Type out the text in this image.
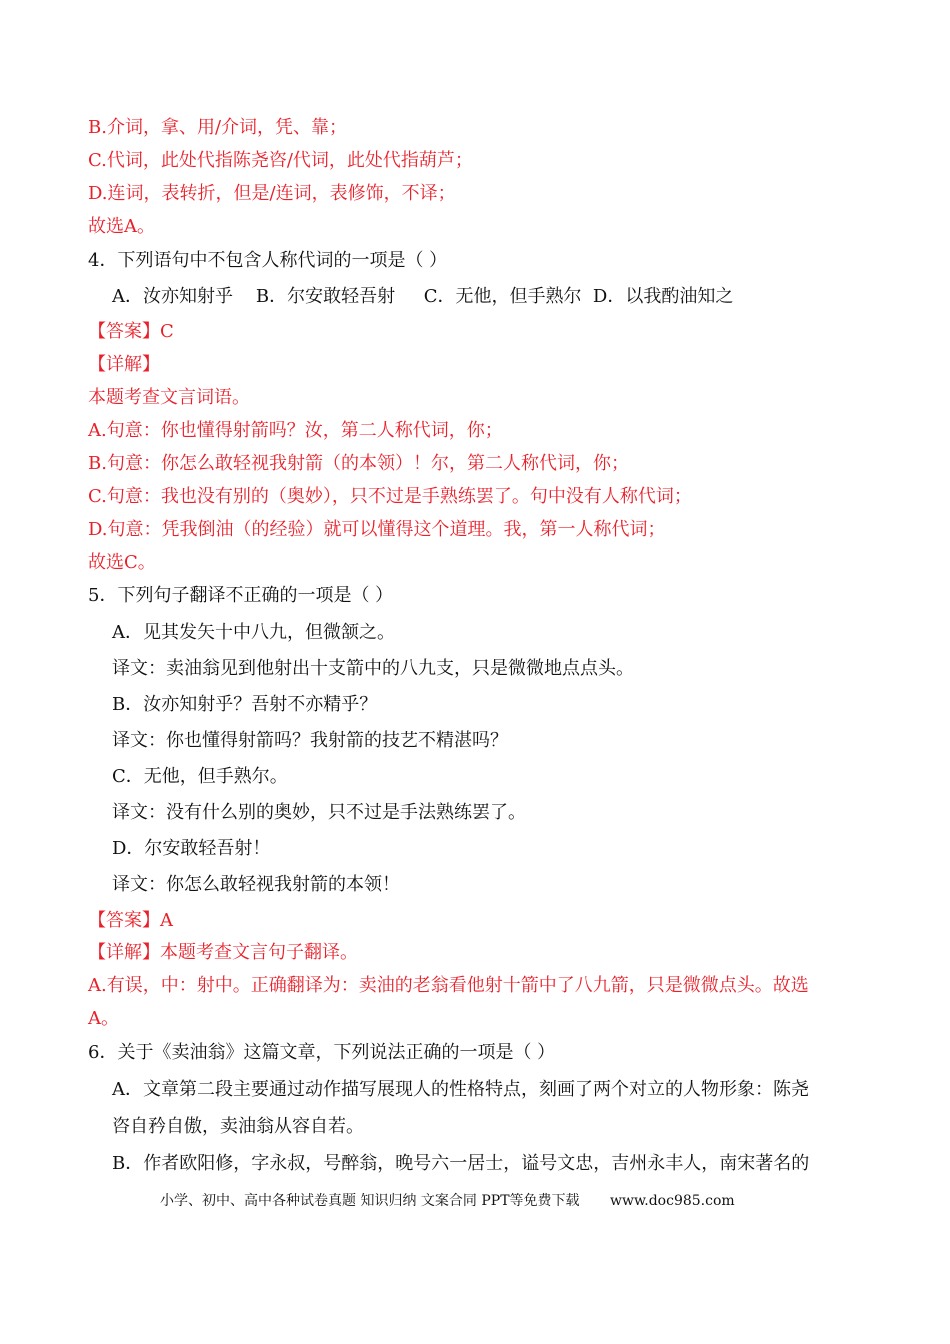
B.介词，拿、用/介词，凭、靠；
C.代词，此处代指陈尧咨/代词，此处代指葫芦；
D.连词，表转折，但是/连词，表修饰，不译；
故选A。
4．下列语句中不包含人称代词的一项是（ ）
A．汝亦知射乎    B．尔安敢轻吾射     C．无他，但手熟尔  D．以我酌油知之
【答案】C
【详解】
本题考查文言词语。
A.句意：你也懂得射箭吗？汝，第二人称代词，你；
B.句意：你怎么敢轻视我射箭（的本领）！尔，第二人称代词，你；
C.句意：我也没有别的（奥妙），只不过是手熟练罢了。句中没有人称代词；
D.句意：凭我倒油（的经验）就可以懂得这个道理。我，第一人称代词；
故选C。
5．下列句子翻译不正确的一项是（ ）
A．见其发矢十中八九，但微颔之。
译文：卖油翁见到他射出十支箭中的八九支，只是微微地点点头。
B．汝亦知射乎？吾射不亦精乎？
译文：你也懂得射箭吗？我射箭的技艺不精湛吗？
C．无他，但手熟尔。
译文：没有什么别的奥妙，只不过是手法熟练罢了。
D．尔安敢轻吾射！
译文：你怎么敢轻视我射箭的本领！
【答案】A
【详解】本题考查文言句子翻译。
A.有误，中：射中。正确翻译为：卖油的老翁看他射十箭中了八九箭，只是微微点头。故选
A。
6．关于《卖油翁》这篇文章，下列说法正确的一项是（ ）
A．文章第二段主要通过动作描写展现人的性格特点，刻画了两个对立的人物形象：陈尧
咨自矜自傲，卖油翁从容自若。
B．作者欧阳修，字永叔，号醉翁，晚号六一居士，谥号文忠，吉州永丰人，南宋著名的
小学、初中、高中各种试卷真题 知识归纳 文案合同 PPT等免费下载 www.doc985.com
